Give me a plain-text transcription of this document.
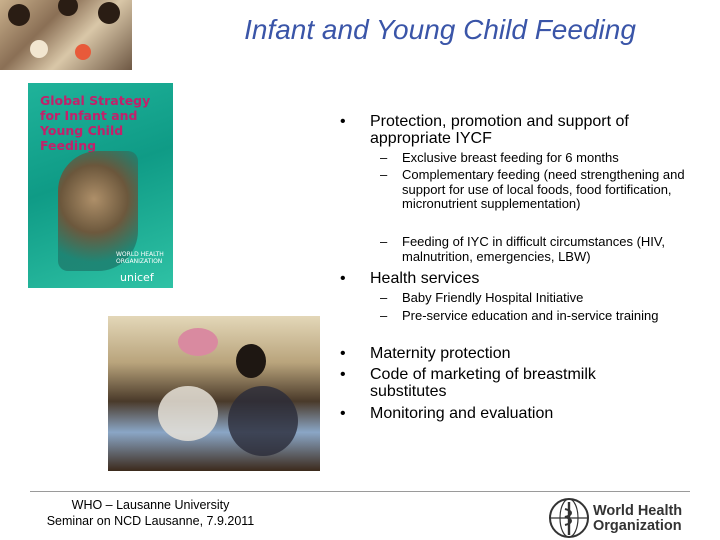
Infant and Young Child Feeding
Global Strategy for Infant and Young Child Feeding
WORLD HEALTH ORGANIZATION
unicef
•	Protection, promotion and support of appropriate IYCF
–	Exclusive breast feeding for 6 months
–	Complementary feeding (need strengthening and support for use of local foods, food fortification, micronutrient supplementation)
–	Feeding of IYC in difficult circumstances (HIV, malnutrition, emergencies, LBW)
•	Health services
–	Baby Friendly Hospital Initiative
–	Pre-service education and in-service training
•	Maternity protection
•	Code of marketing of breastmilk substitutes
•	Monitoring and evaluation
WHO – Lausanne University
Seminar on NCD Lausanne, 7.9.2011
World Health
Organization
